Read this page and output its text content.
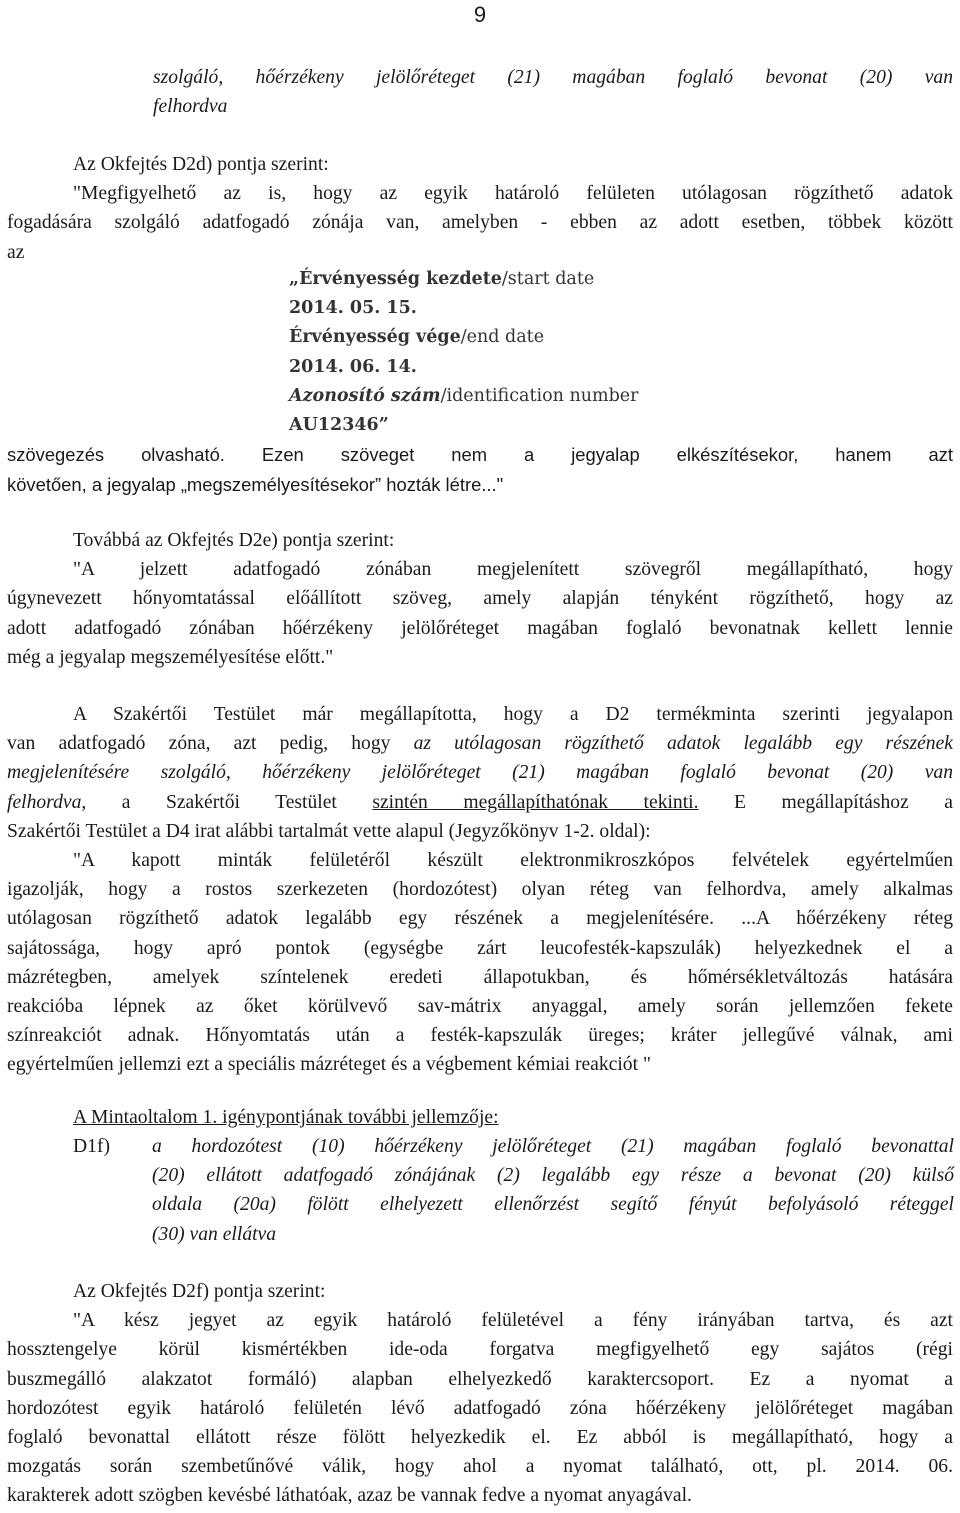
9
szolgáló, hőérzékeny jelölőréteget (21) magában foglaló bevonat (20) van
felhordva
Az Okfejtés D2d) pontja szerint:
"Megfigyelhető az is, hogy az egyik határoló felületen utólagosan rögzíthető adatok
fogadására szolgáló adatfogadó zónája van, amelyben - ebben az adott esetben, többek között
az
„Érvényesség kezdete/start date
2014. 05. 15.
Érvényesség vége/end date
2014. 06. 14.
Azonosító szám/identification number
AU12346”
szövegezés olvasható. Ezen szöveget nem a jegyalap elkészítésekor, hanem azt
követően, a jegyalap „megszemélyesítésekor” hozták létre..."
Továbbá az Okfejtés D2e) pontja szerint:
"A jelzett adatfogadó zónában megjelenített szövegről megállapítható, hogy
úgynevezett hőnyomtatással előállított szöveg, amely alapján tényként rögzíthető, hogy az
adott adatfogadó zónában hőérzékeny jelölőréteget magában foglaló bevonatnak kellett lennie
még a jegyalap megszemélyesítése előtt."
A Szakértői Testület már megállapította, hogy a D2 termékminta szerinti jegyalapon
van adatfogadó zóna, azt pedig, hogy az utólagosan rögzíthető adatok legalább egy részének
megjelenítésére szolgáló, hőérzékeny jelölőréteget (21) magában foglaló bevonat (20) van
felhordva, a Szakértői Testület szintén megállapíthatónak tekinti. E megállapításhoz a
Szakértői Testület a D4 irat alábbi tartalmát vette alapul (Jegyzőkönyv 1-2. oldal):
"A kapott minták felületéről készült elektronmikroszkópos felvételek egyértelműen
igazolják, hogy a rostos szerkezeten (hordozótest) olyan réteg van felhordva, amely alkalmas
utólagosan rögzíthető adatok legalább egy részének a megjelenítésére. ...A hőérzékeny réteg
sajátossága, hogy apró pontok (egységbe zárt leucofesték-kapszulák) helyezkednek el a
mázrétegben, amelyek színtelenek eredeti állapotukban, és hőmérsékletváltozás hatására
reakcióba lépnek az őket körülvevő sav-mátrix anyaggal, amely során jellemzően fekete
színreakciót adnak. Hőnyomtatás után a festék-kapszulák üreges; kráter jellegűvé válnak, ami
egyértelműen jellemzi ezt a speciális mázréteget és a végbement kémiai reakciót "
A Mintaoltalom 1. igénypontjának további jellemzője:
D1f) a hordozótest (10) hőérzékeny jelölőréteget (21) magában foglaló bevonattal
(20) ellátott adatfogadó zónájának (2) legalább egy része a bevonat (20) külső
oldala (20a) fölött elhelyezett ellenőrzést segítő fényút befolyásoló réteggel
(30) van ellátva
Az Okfejtés D2f) pontja szerint:
"A kész jegyet az egyik határoló felületével a fény irányában tartva, és azt
hossztengelye körül kismértékben ide-oda forgatva megfigyelhető egy sajátos (régi
buszmegálló alakzatot formáló) alapban elhelyezkedő karaktercsoport. Ez a nyomat a
hordozótest egyik határoló felületén lévő adatfogadó zóna hőérzékeny jelölőréteget magában
foglaló bevonattal ellátott része fölött helyezkedik el. Ez abból is megállapítható, hogy a
mozgatás során szembetűnővé válik, hogy ahol a nyomat található, ott, pl. 2014. 06.
karakterek adott szögben kevésbé láthatóak, azaz be vannak fedve a nyomat anyagával.
